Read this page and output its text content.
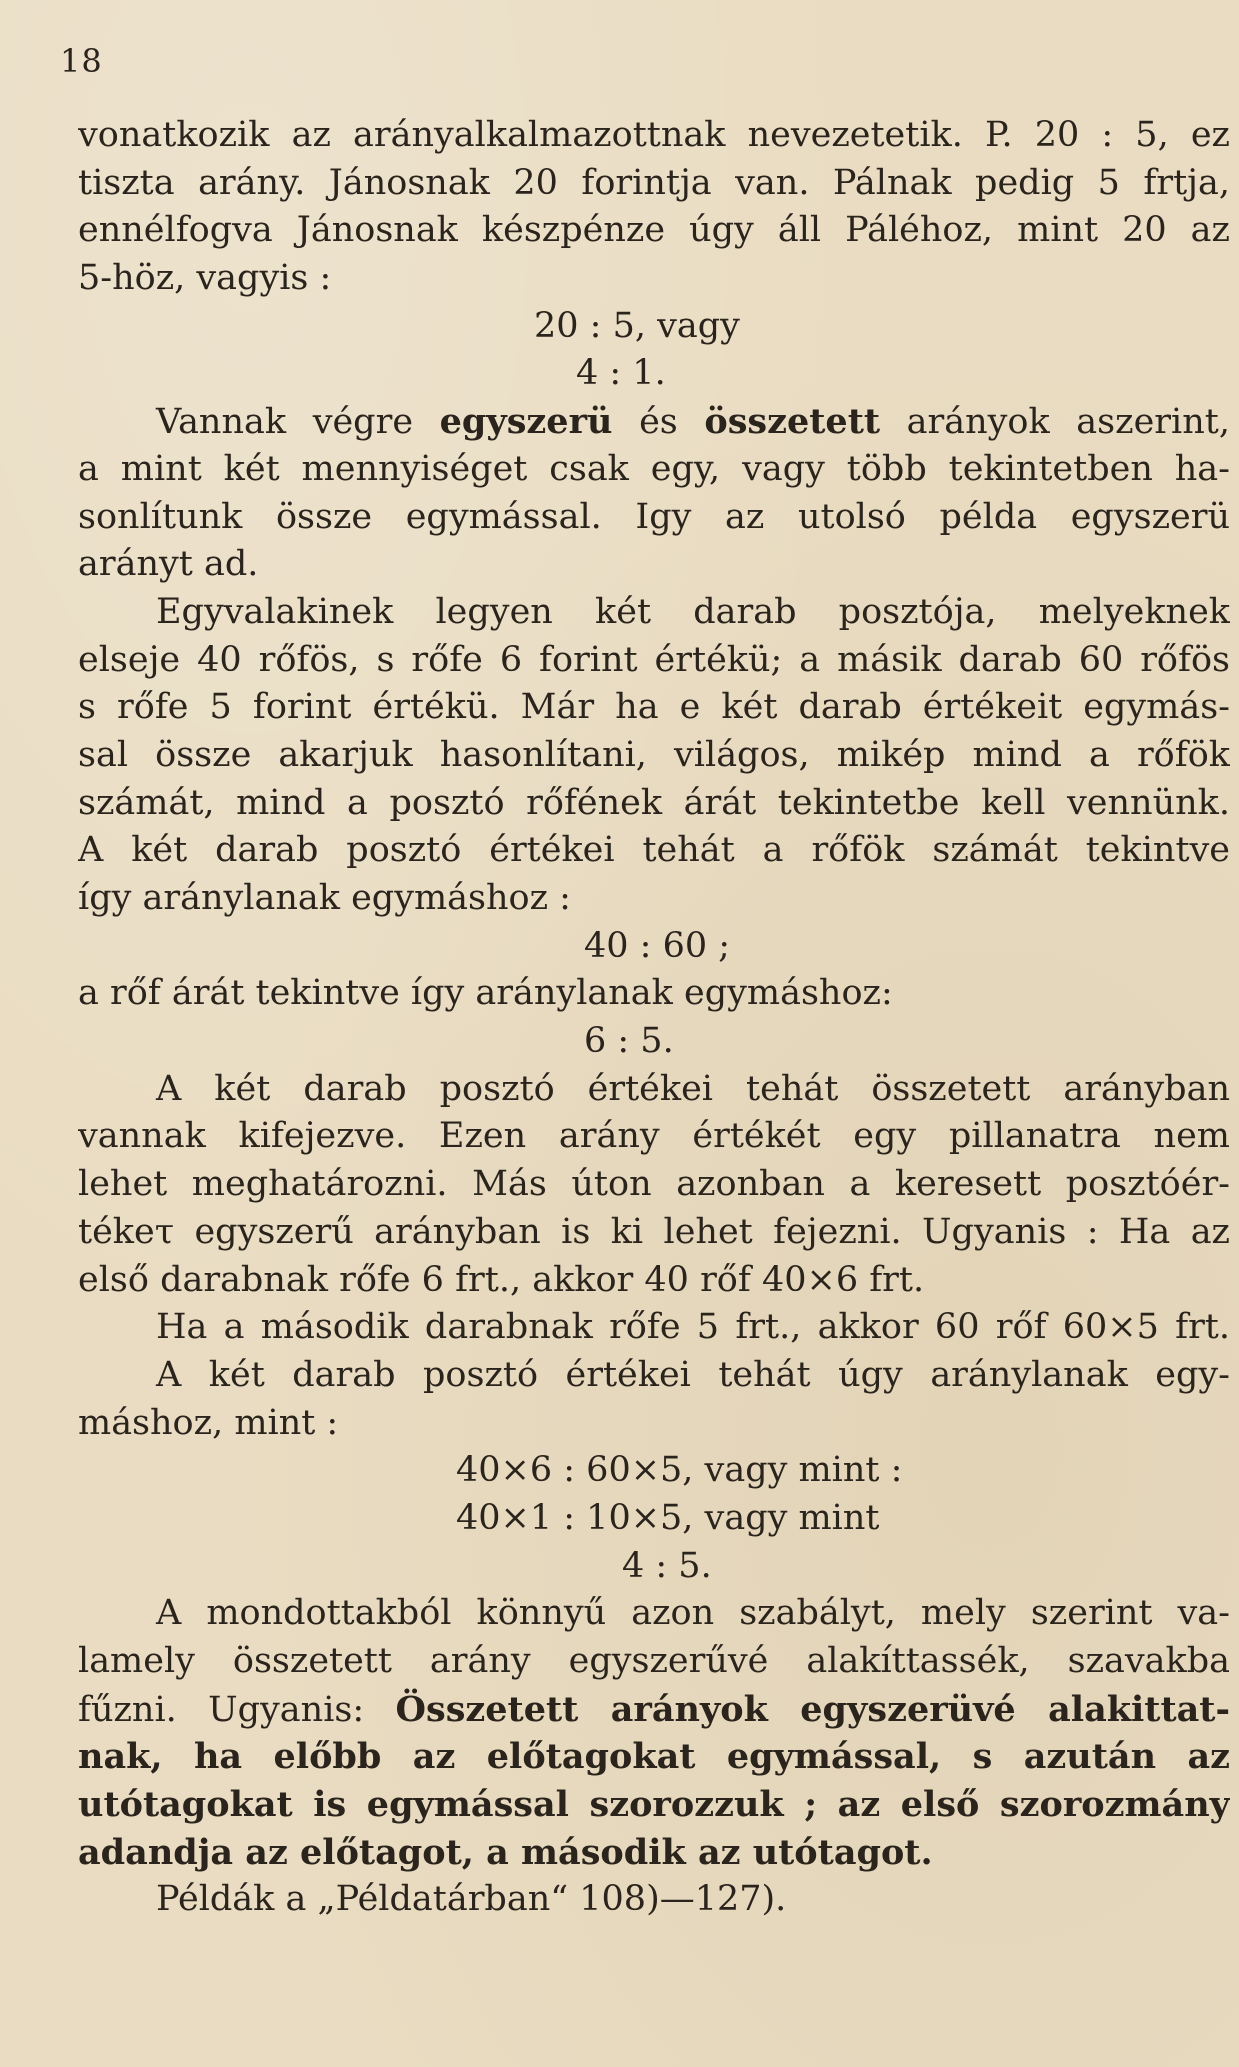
18
vonatkozik az arányalkalmazottnak nevezetetik. P. 20 : 5, ez
tiszta arány. Jánosnak 20 forintja van. Pálnak pedig 5 frtja,
ennélfogva Jánosnak készpénze úgy áll Páléhoz, mint 20 az
5-höz, vagyis :
20 : 5, vagy
4 : 1.
Vannak végre egyszerü és összetett arányok aszerint,
a mint két mennyiséget csak egy, vagy több tekintetben ha-
sonlítunk össze egymással. Igy az utolsó példa egyszerü
arányt ad.
Egyvalakinek legyen két darab posztója, melyeknek
elseje 40 rőfös, s rőfe 6 forint értékü; a másik darab 60 rőfös
s rőfe 5 forint értékü. Már ha e két darab értékeit egymás-
sal össze akarjuk hasonlítani, világos, mikép mind a rőfök
számát, mind a posztó rőfének árát tekintetbe kell vennünk.
A két darab posztó értékei tehát a rőfök számát tekintve
így aránylanak egymáshoz :
40 : 60 ;
a rőf árát tekintve így aránylanak egymáshoz:
6 : 5.
A két darab posztó értékei tehát összetett arányban
vannak kifejezve. Ezen arány értékét egy pillanatra nem
lehet meghatározni. Más úton azonban a keresett posztóér-
tékeτ egyszerű arányban is ki lehet fejezni. Ugyanis : Ha az
első darabnak rőfe 6 frt., akkor 40 rőf 40×6 frt.
Ha a második darabnak rőfe 5 frt., akkor 60 rőf 60×5 frt.
A két darab posztó értékei tehát úgy aránylanak egy-
máshoz, mint :
40×6 : 60×5, vagy mint :
40×1 : 10×5, vagy mint
4 : 5.
A mondottakból könnyű azon szabályt, mely szerint va-
lamely összetett arány egyszerűvé alakíttassék, szavakba
fűzni. Ugyanis: Összetett arányok egyszerüvé alakittat-
nak, ha előbb az előtagokat egymással, s azután az
utótagokat is egymással szorozzuk ; az első szorozmány
adandja az előtagot, a második az utótagot.
Példák a „Példatárban“ 108)—127).
